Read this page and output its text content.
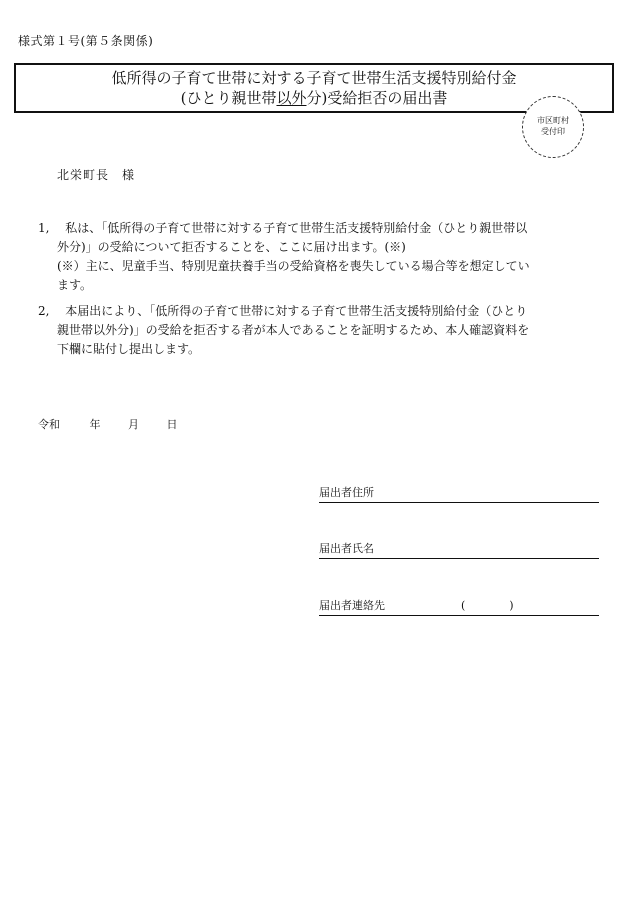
様式第１号(第５条関係)
低所得の子育て世帯に対する子育て世帯生活支援特別給付金
(ひとり親世帯以外分)受給拒否の届出書
市区町村
受付印
北栄町長　様
1,　 私は、「低所得の子育て世帯に対する子育て世帯生活支援特別給付金（ひとり親世帯以
外分)」の受給について拒否することを、ここに届け出ます。(※)
(※）主に、児童手当、特別児童扶養手当の受給資格を喪失している場合等を想定してい
ます。
2,　 本届出により、「低所得の子育て世帯に対する子育て世帯生活支援特別給付金（ひとり
親世帯以外分)」の受給を拒否する者が本人であることを証明するため、本人確認資料を
下欄に貼付し提出します。
令和	年	月	日
届出者住所
届出者氏名
届出者連絡先	(　　　　)
